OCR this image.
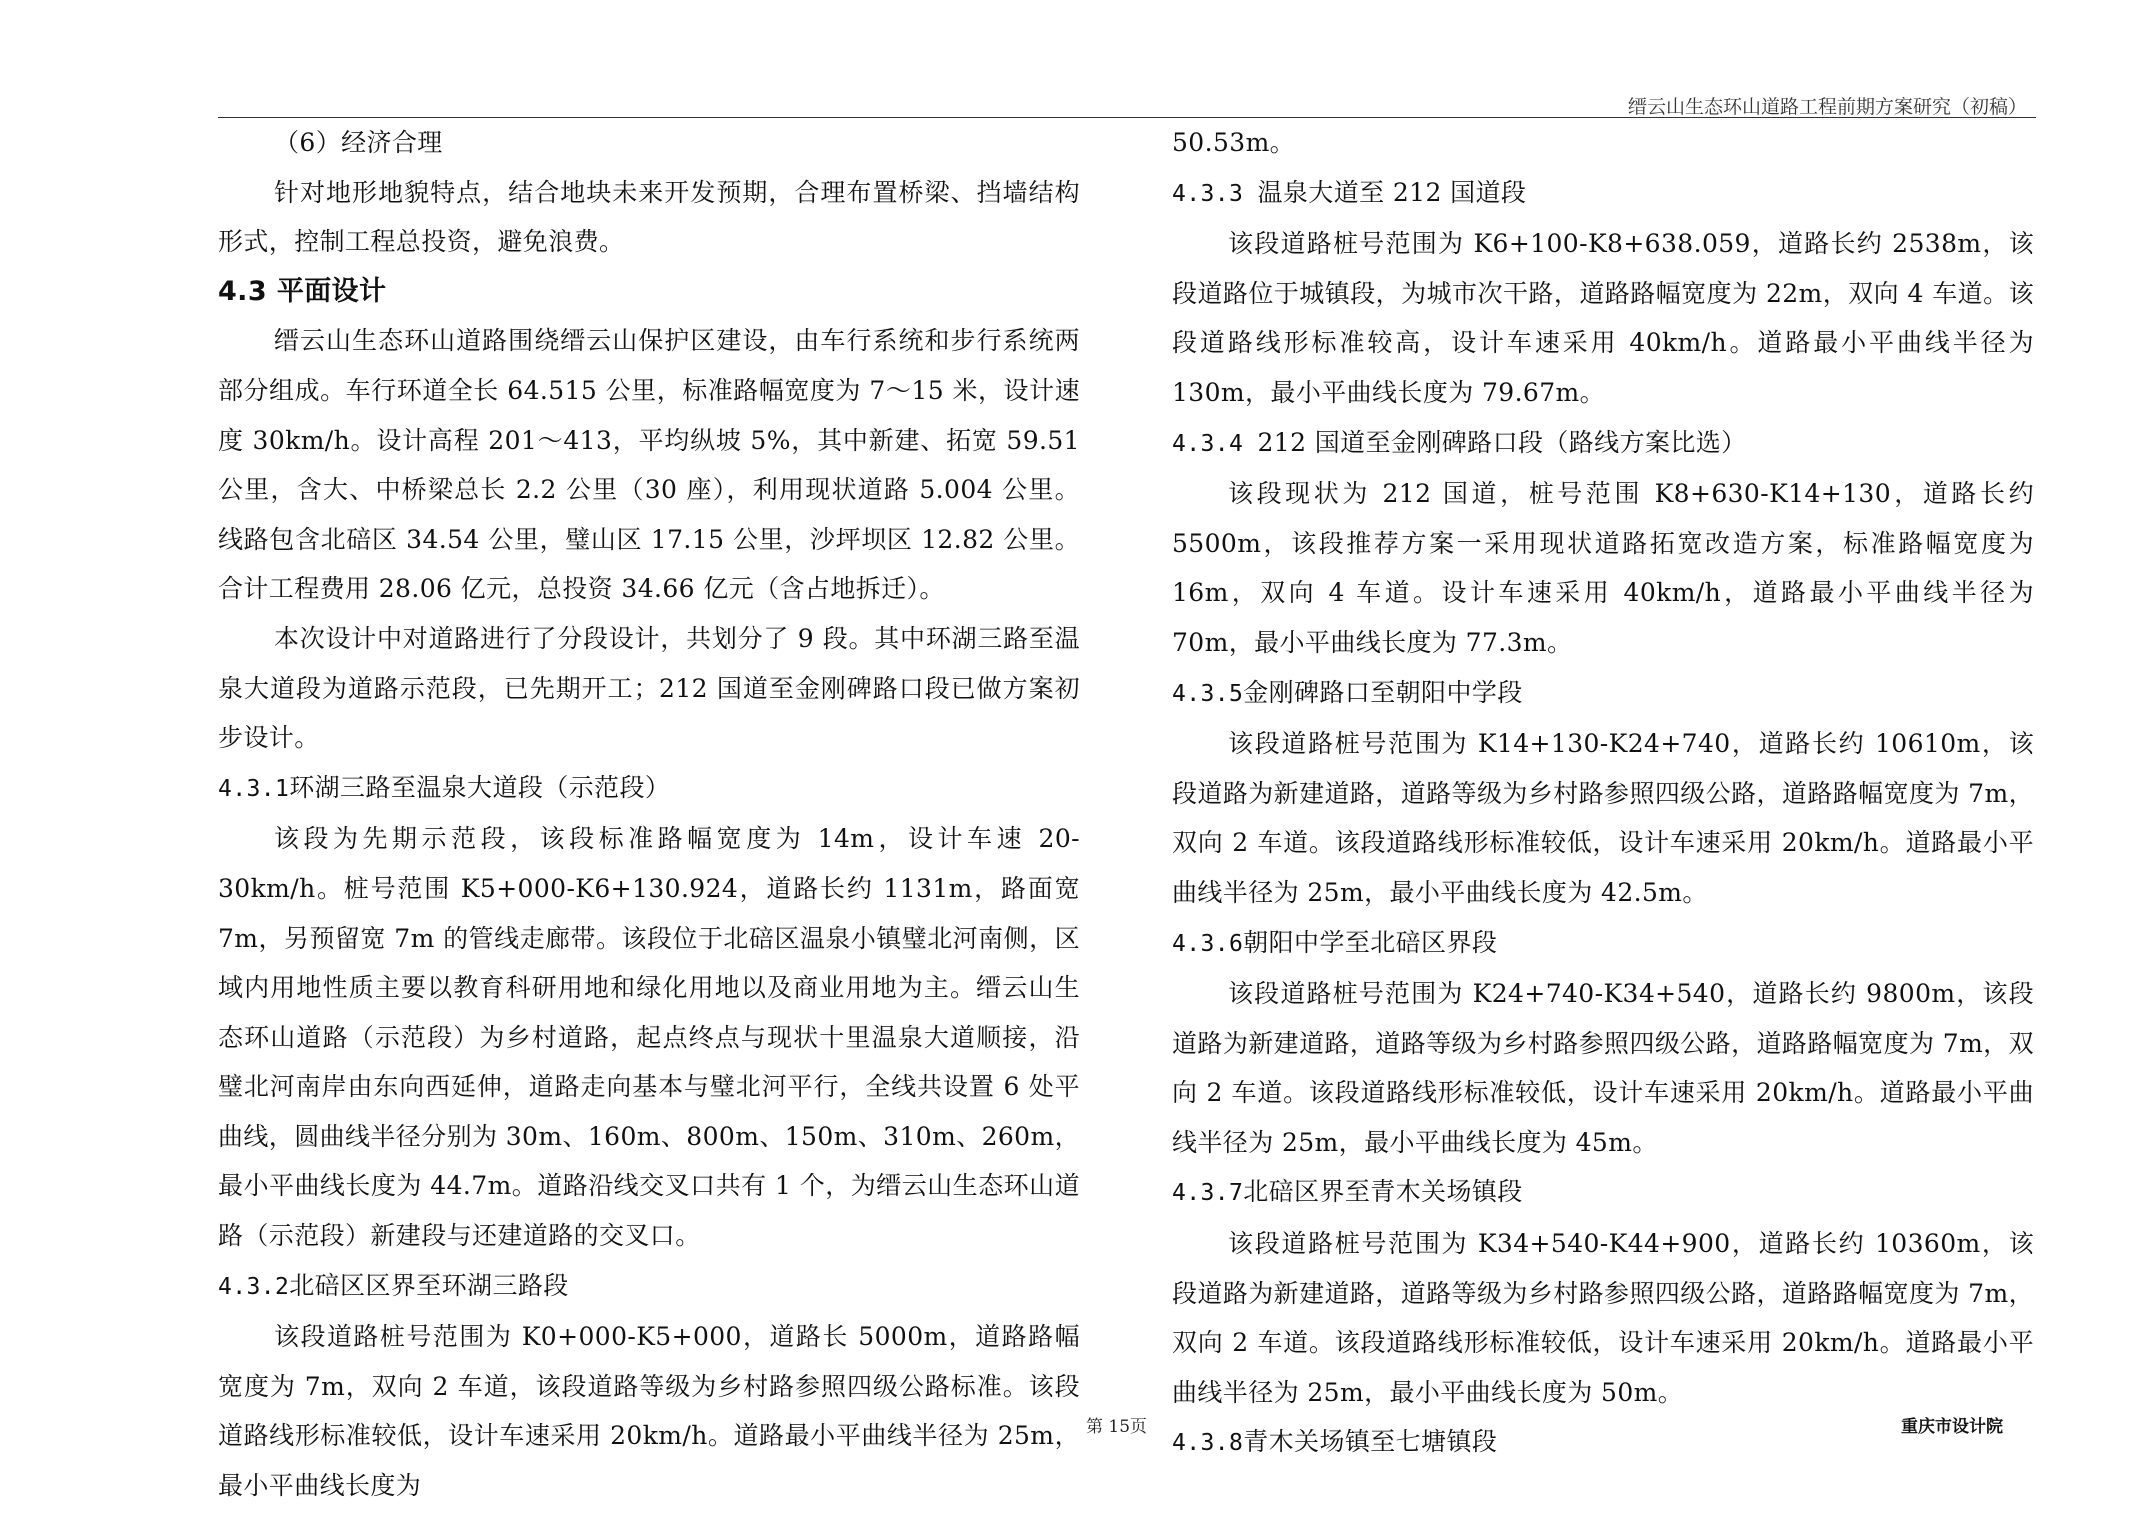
缙云山生态环山道路工程前期方案研究（初稿）

（6）经济合理

针对地形地貌特点，结合地块未来开发预期，合理布置桥梁、挡墙结构形式，控制工程总投资，避免浪费。

4.3 平面设计

缙云山生态环山道路围绕缙云山保护区建设，由车行系统和步行系统两部分组成。车行环道全长 64.515 公里，标准路幅宽度为 7～15 米，设计速度 30km/h。设计高程 201～413，平均纵坡 5%，其中新建、拓宽 59.51 公里，含大、中桥梁总长 2.2 公里（30 座），利用现状道路 5.004 公里。线路包含北碚区 34.54 公里，璧山区 17.15 公里，沙坪坝区 12.82 公里。合计工程费用 28.06 亿元，总投资 34.66 亿元（含占地拆迁）。

本次设计中对道路进行了分段设计，共划分了 9 段。其中环湖三路至温泉大道段为道路示范段，已先期开工；212 国道至金刚碑路口段已做方案初步设计。

4.3.1环湖三路至温泉大道段（示范段）

该段为先期示范段，该段标准路幅宽度为 14m，设计车速 20-30km/h。桩号范围 K5+000-K6+130.924，道路长约 1131m，路面宽 7m，另预留宽 7m 的管线走廊带。该段位于北碚区温泉小镇璧北河南侧，区域内用地性质主要以教育科研用地和绿化用地以及商业用地为主。缙云山生态环山道路（示范段）为乡村道路，起点终点与现状十里温泉大道顺接，沿璧北河南岸由东向西延伸，道路走向基本与璧北河平行，全线共设置 6 处平曲线，圆曲线半径分别为 30m、160m、800m、150m、310m、260m，最小平曲线长度为 44.7m。道路沿线交叉口共有 1 个，为缙云山生态环山道路（示范段）新建段与还建道路的交叉口。

4.3.2北碚区区界至环湖三路段

该段道路桩号范围为 K0+000-K5+000，道路长 5000m，道路路幅宽度为 7m，双向 2 车道，该段道路等级为乡村路参照四级公路标准。该段道路线形标准较低，设计车速采用 20km/h。道路最小平曲线半径为 25m，最小平曲线长度为

50.53m。

4.3.3 温泉大道至 212 国道段

该段道路桩号范围为 K6+100-K8+638.059，道路长约 2538m，该段道路位于城镇段，为城市次干路，道路路幅宽度为 22m，双向 4 车道。该段道路线形标准较高，设计车速采用 40km/h。道路最小平曲线半径为 130m，最小平曲线长度为 79.67m。

4.3.4 212 国道至金刚碑路口段（路线方案比选）

该段现状为 212 国道，桩号范围 K8+630-K14+130，道路长约 5500m，该段推荐方案一采用现状道路拓宽改造方案，标准路幅宽度为 16m，双向 4 车道。设计车速采用 40km/h，道路最小平曲线半径为 70m，最小平曲线长度为 77.3m。

4.3.5金刚碑路口至朝阳中学段

该段道路桩号范围为 K14+130-K24+740，道路长约 10610m，该段道路为新建道路，道路等级为乡村路参照四级公路，道路路幅宽度为 7m，双向 2 车道。该段道路线形标准较低，设计车速采用 20km/h。道路最小平曲线半径为 25m，最小平曲线长度为 42.5m。

4.3.6朝阳中学至北碚区界段

该段道路桩号范围为 K24+740-K34+540，道路长约 9800m，该段道路为新建道路，道路等级为乡村路参照四级公路，道路路幅宽度为 7m，双向 2 车道。该段道路线形标准较低，设计车速采用 20km/h。道路最小平曲线半径为 25m，最小平曲线长度为 45m。

4.3.7北碚区界至青木关场镇段

该段道路桩号范围为 K34+540-K44+900，道路长约 10360m，该段道路为新建道路，道路等级为乡村路参照四级公路，道路路幅宽度为 7m，双向 2 车道。该段道路线形标准较低，设计车速采用 20km/h。道路最小平曲线半径为 25m，最小平曲线长度为 50m。

4.3.8青木关场镇至七塘镇段

第 15页	重庆市设计院
